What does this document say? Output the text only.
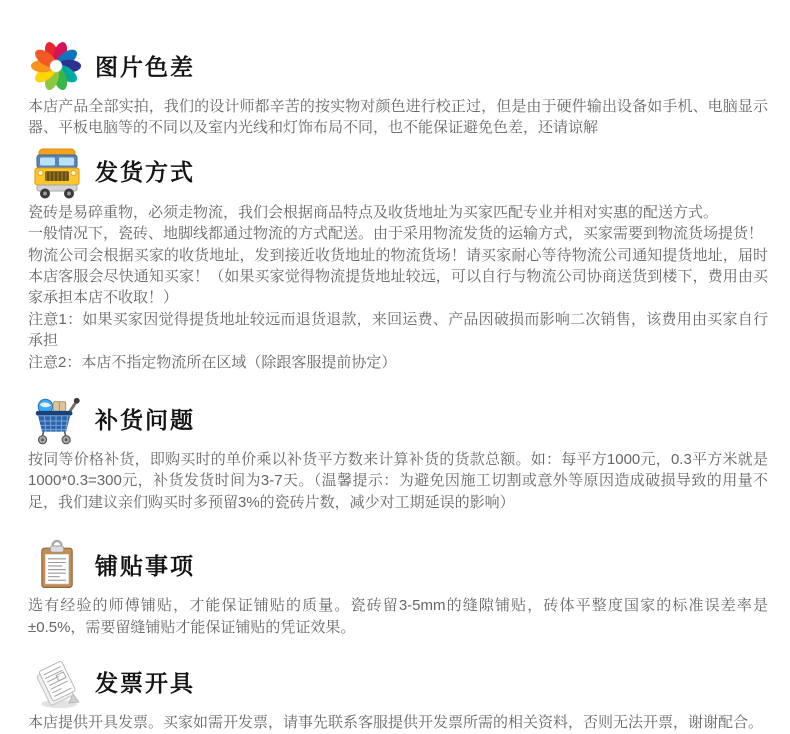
图片色差

本店产品全部实拍，我们的设计师都辛苦的按实物对颜色进行校正过，但是由于硬件输出设备如手机、电脑显示器、平板电脑等的不同以及室内光线和灯饰布局不同，也不能保证避免色差，还请谅解

发货方式

瓷砖是易碎重物，必须走物流，我们会根据商品特点及收货地址为买家匹配专业并相对实惠的配送方式。

一般情况下，瓷砖、地脚线都通过物流的方式配送。由于采用物流发货的运输方式，买家需要到物流货场提货！

物流公司会根据买家的收货地址，发到接近收货地址的物流货场！请买家耐心等待物流公司通知提货地址，届时本店客服会尽快通知买家！（如果买家觉得物流提货地址较远，可以自行与物流公司协商送货到楼下，费用由买家承担本店不收取！）

注意1：如果买家因觉得提货地址较远而退货退款，来回运费、产品因破损而影响二次销售，该费用由买家自行承担

注意2：本店不指定物流所在区域（除跟客服提前协定）

补货问题

按同等价格补货，即购买时的单价乘以补货平方数来计算补货的货款总额。如：每平方1000元，0.3平方米就是1000*0.3=300元，补货发货时间为3-7天。（温馨提示：为避免因施工切割或意外等原因造成破损导致的用量不足，我们建议亲们购买时多预留3%的瓷砖片数，减少对工期延误的影响）

铺贴事项

选有经验的师傅铺贴，才能保证铺贴的质量。瓷砖留3-5mm的缝隙铺贴，砖体平整度国家的标准误差率是±0.5%，需要留缝铺贴才能保证铺贴的凭证效果。

发票开具

本店提供开具发票。买家如需开发票，请事先联系客服提供开发票所需的相关资料，否则无法开票，谢谢配合。
